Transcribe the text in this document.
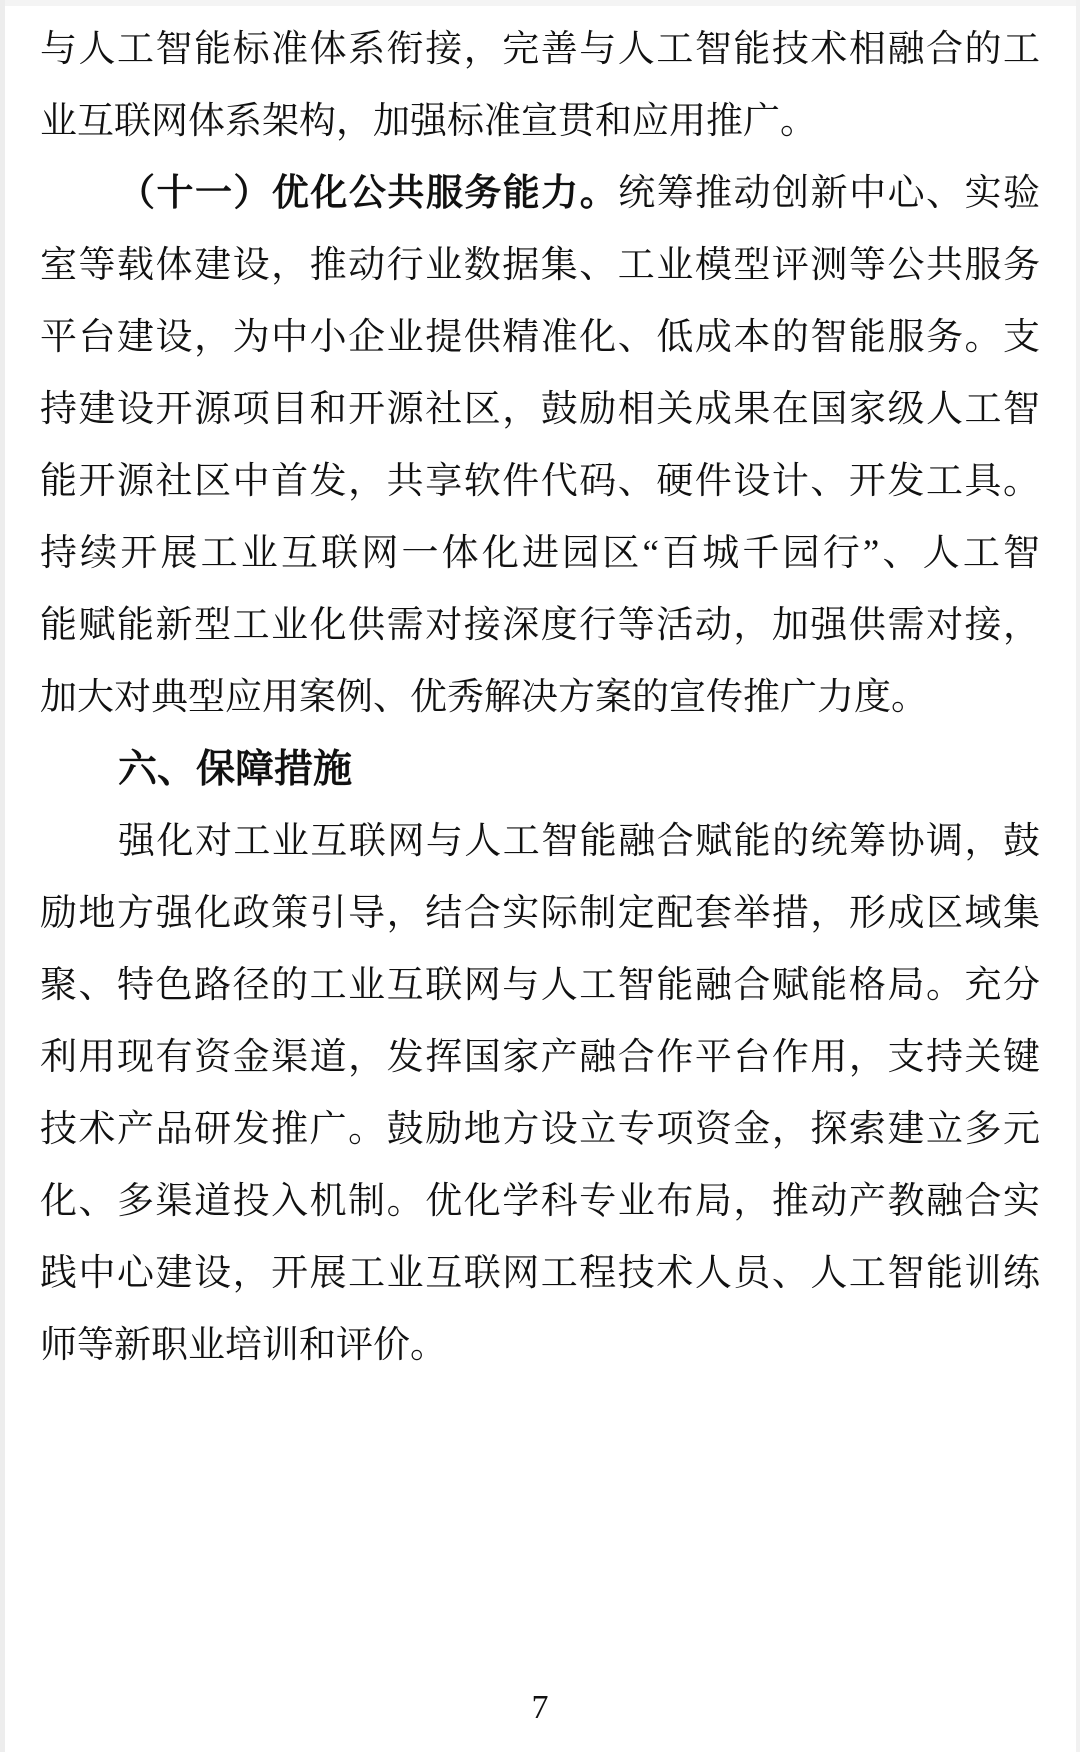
与人工智能标准体系衔接，完善与人工智能技术相融合的工
业互联网体系架构，加强标准宣贯和应用推广。
（十一）优化公共服务能力。统筹推动创新中心、实验
室等载体建设，推动行业数据集、工业模型评测等公共服务
平台建设，为中小企业提供精准化、低成本的智能服务。支
持建设开源项目和开源社区，鼓励相关成果在国家级人工智
能开源社区中首发，共享软件代码、硬件设计、开发工具。
持续开展工业互联网一体化进园区“百城千园行”、人工智
能赋能新型工业化供需对接深度行等活动，加强供需对接，
加大对典型应用案例、优秀解决方案的宣传推广力度。
六、保障措施
强化对工业互联网与人工智能融合赋能的统筹协调，鼓
励地方强化政策引导，结合实际制定配套举措，形成区域集
聚、特色路径的工业互联网与人工智能融合赋能格局。充分
利用现有资金渠道，发挥国家产融合作平台作用，支持关键
技术产品研发推广。鼓励地方设立专项资金，探索建立多元
化、多渠道投入机制。优化学科专业布局，推动产教融合实
践中心建设，开展工业互联网工程技术人员、人工智能训练
师等新职业培训和评价。
7
